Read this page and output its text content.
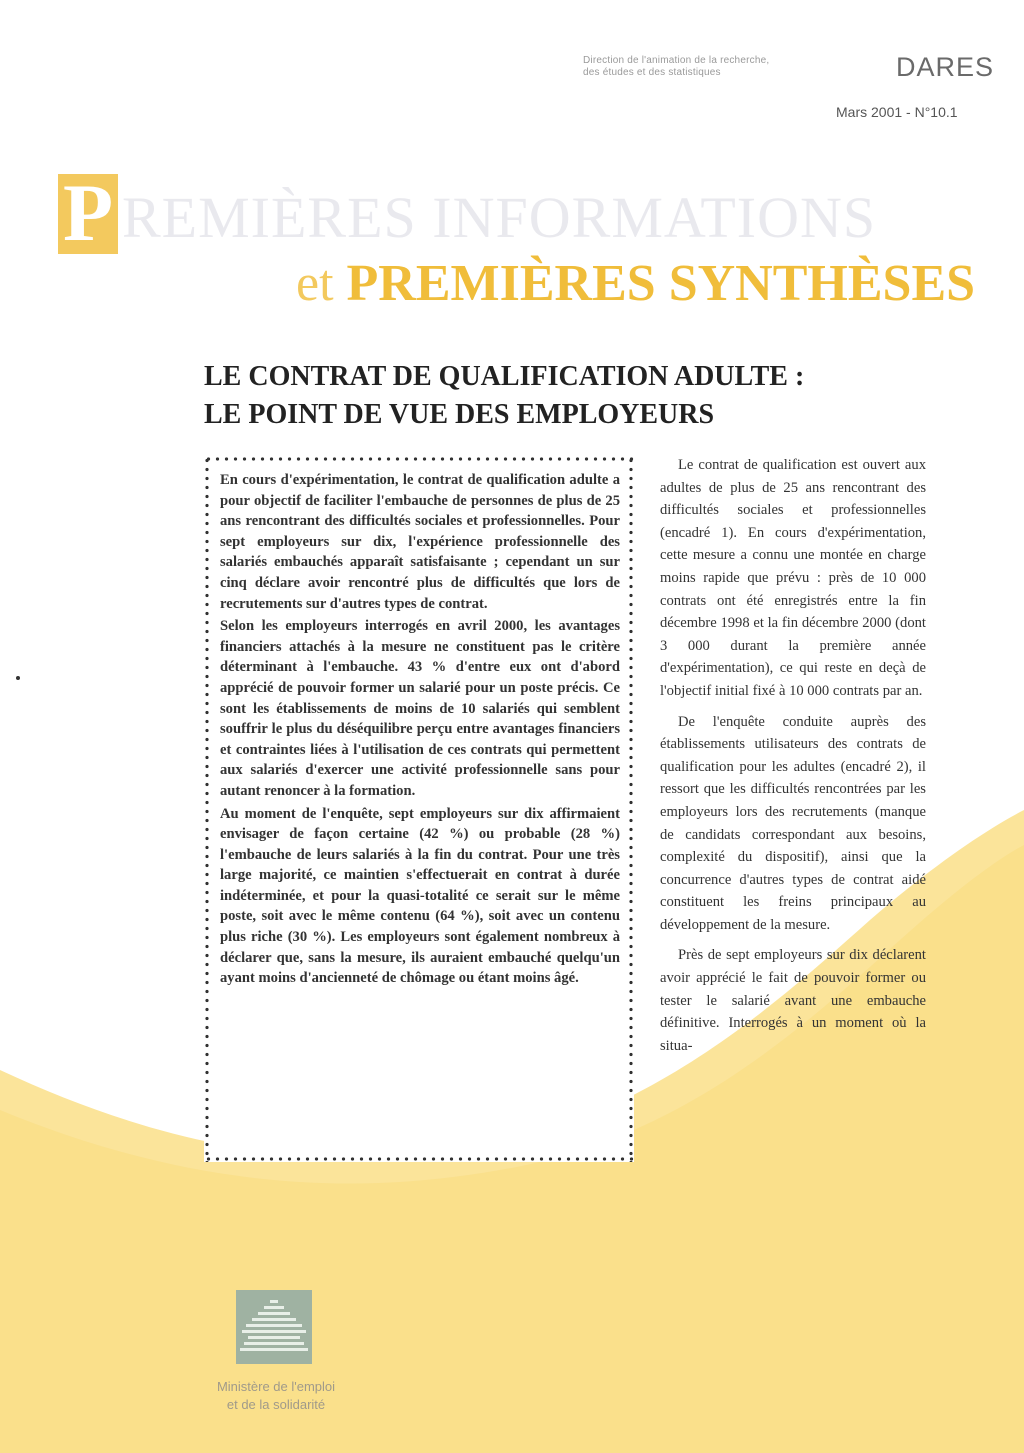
Direction de l'animation de la recherche,
des études et des statistiques	DARES
Mars 2001 - N°10.1
P REMIÈRES INFORMATIONS
et PREMIÈRES SYNTHÈSES
LE CONTRAT DE QUALIFICATION ADULTE :
LE POINT DE VUE DES EMPLOYEURS

En cours d'expérimentation, le contrat de qualification adulte a pour objectif de faciliter l'embauche de personnes de plus de 25 ans rencontrant des difficultés sociales et professionnelles. Pour sept employeurs sur dix, l'expérience professionnelle des salariés embauchés apparaît satisfaisante ; cependant un sur cinq déclare avoir rencontré plus de difficultés que lors de recrutements sur d'autres types de contrat.

Selon les employeurs interrogés en avril 2000, les avantages financiers attachés à la mesure ne constituent pas le critère déterminant à l'embauche. 43 % d'entre eux ont d'abord apprécié de pouvoir former un salarié pour un poste précis. Ce sont les établissements de moins de 10 salariés qui semblent souffrir le plus du déséquilibre perçu entre avantages financiers et contraintes liées à l'utilisation de ces contrats qui permettent aux salariés d'exercer une activité professionnelle sans pour autant renoncer à la formation.

Au moment de l'enquête, sept employeurs sur dix affirmaient envisager de façon certaine (42 %) ou probable (28 %) l'embauche de leurs salariés à la fin du contrat. Pour une très large majorité, ce maintien s'effectuerait en contrat à durée indéterminée, et pour la quasi-totalité ce serait sur le même poste, soit avec le même contenu (64 %), soit avec un contenu plus riche (30 %). Les employeurs sont également nombreux à déclarer que, sans la mesure, ils auraient embauché quelqu'un ayant moins d'ancienneté de chômage ou étant moins âgé.

Le contrat de qualification est ouvert aux adultes de plus de 25 ans rencontrant des difficultés sociales et professionnelles (encadré 1). En cours d'expérimentation, cette mesure a connu une montée en charge moins rapide que prévu : près de 10 000 contrats ont été enregistrés entre la fin décembre 1998 et la fin décembre 2000 (dont 3 000 durant la première année d'expérimentation), ce qui reste en deçà de l'objectif initial fixé à 10 000 contrats par an.

De l'enquête conduite auprès des établissements utilisateurs des contrats de qualification pour les adultes (encadré 2), il ressort que les difficultés rencontrées par les employeurs lors des recrutements (manque de candidats correspondant aux besoins, complexité du dispositif), ainsi que la concurrence d'autres types de contrat aidé constituent les freins principaux au développement de la mesure.

Près de sept employeurs sur dix déclarent avoir apprécié le fait de pouvoir former ou tester le salarié avant une embauche définitive. Interrogés à un moment où la situa-

Ministère de l'emploi
et de la solidarité
